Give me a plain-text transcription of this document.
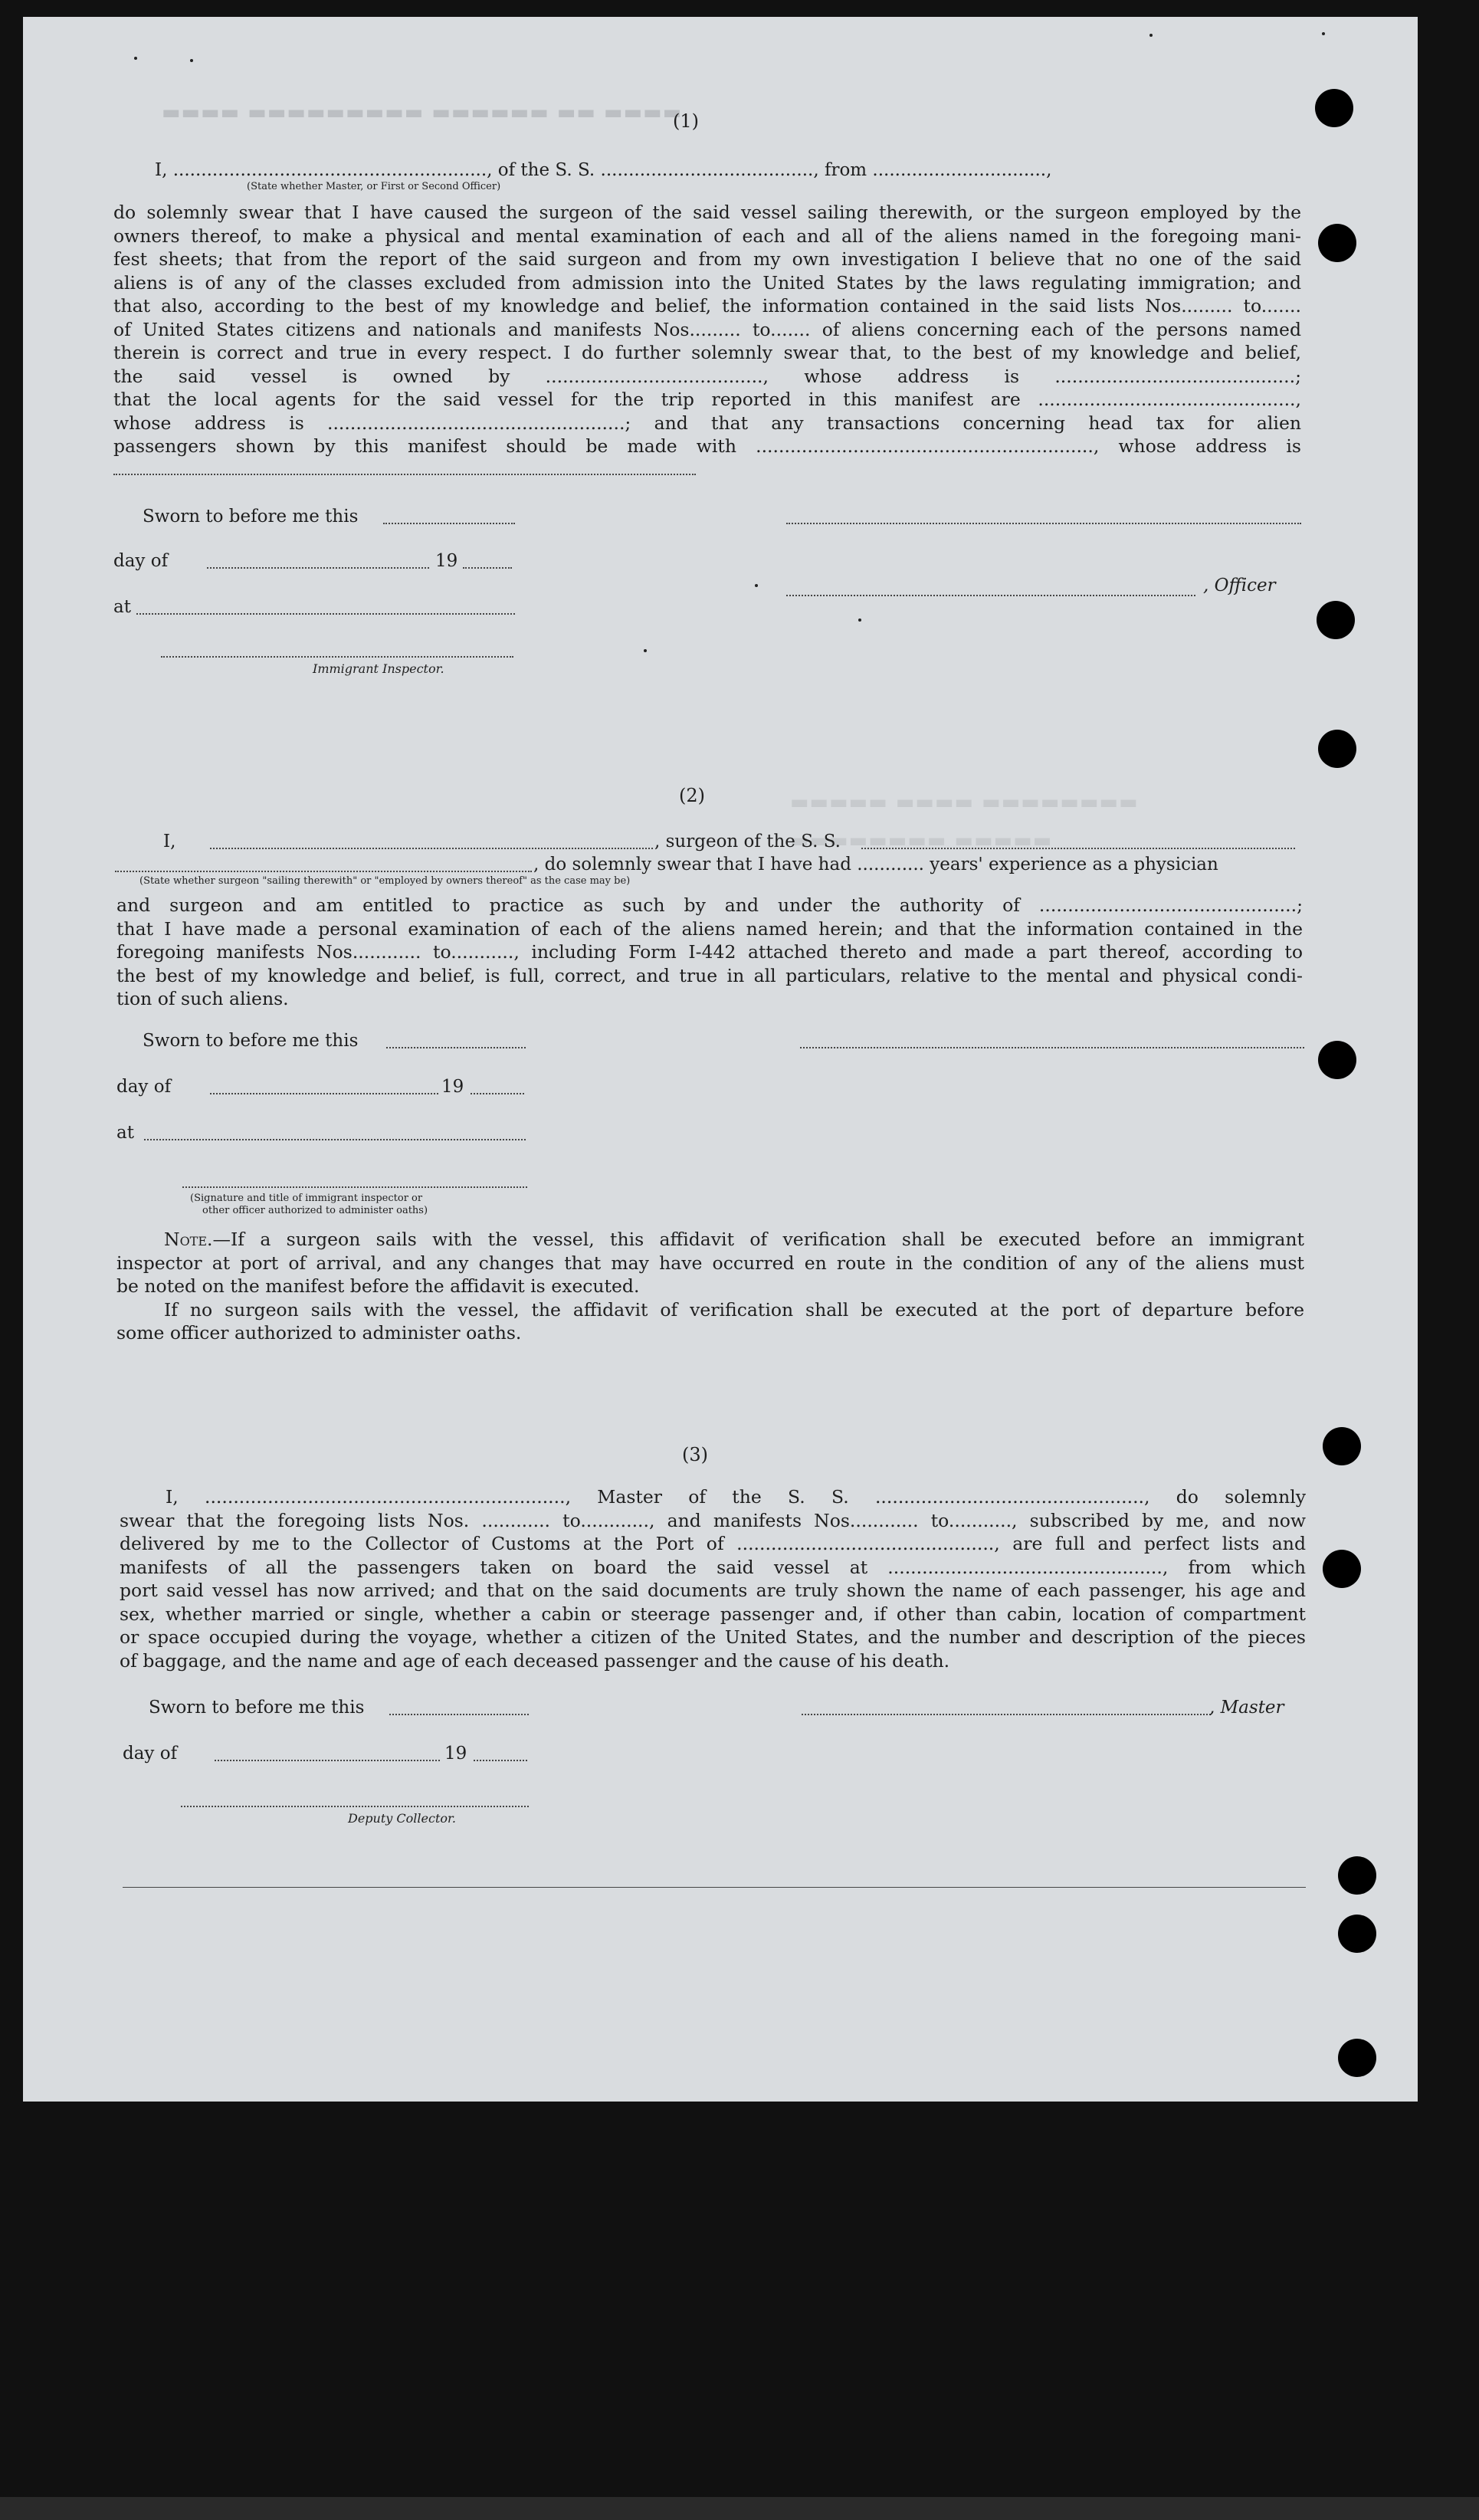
▬▬▬▬ ▬▬ ▬▬▬▬▬▬ ▬▬▬▬▬▬▬▬▬ ▬▬▬▬
▬▬▬▬▬▬▬▬ ▬▬▬▬ ▬▬▬▬▬
▬▬▬▬▬ ▬▬▬▬▬▬▬▬
(1)
I, ........................................................, of the S. S. ......................................, from ...............................,
(State whether Master, or First or Second Officer)
do solemnly swear that I have caused the surgeon of the said vessel sailing therewith, or the surgeon employed by the
owners thereof, to make a physical and mental examination of each and all of the aliens named in the foregoing mani-
fest sheets; that from the report of the said surgeon and from my own investigation I believe that no one of the said
aliens is of any of the classes excluded from admission into the United States by the laws regulating immigration; and
that also, according to the best of my knowledge and belief, the information contained in the said lists Nos......... to.......
of United States citizens and nationals and manifests Nos......... to....... of aliens concerning each of the persons named
therein is correct and true in every respect. I do further solemnly swear that, to the best of my knowledge and belief,
the said vessel is owned by ......................................, whose address is ..........................................;
that the local agents for the said vessel for the trip reported in this manifest are .............................................,
whose address is ....................................................; and that any transactions concerning head tax for alien
passengers shown by this manifest should be made with ..........................................................., whose address is
Sworn to before me this
day of	19
at
, Officer
Immigrant Inspector.
(2)
I,	, surgeon of the S. S.
, do solemnly swear that I have had ............ years' experience as a physician
(State whether surgeon "sailing therewith" or "employed by owners thereof" as the case may be)
and surgeon and am entitled to practice as such by and under the authority of .............................................;
that I have made a personal examination of each of the aliens named herein; and that the information contained in the
foregoing manifests Nos............ to..........., including Form I-442 attached thereto and made a part thereof, according to
the best of my knowledge and belief, is full, correct, and true in all particulars, relative to the mental and physical condi-
tion of such aliens.
Sworn to before me this
day of	19
at
(Signature and title of immigrant inspector or
other officer authorized to administer oaths)
Note.—If a surgeon sails with the vessel, this affidavit of verification shall be executed before an immigrant
inspector at port of arrival, and any changes that may have occurred en route in the condition of any of the aliens must
be noted on the manifest before the affidavit is executed.
If no surgeon sails with the vessel, the affidavit of verification shall be executed at the port of departure before
some officer authorized to administer oaths.
(3)
I, ..............................................................., Master of the S. S. ..............................................., do solemnly
swear that the foregoing lists Nos. ............ to............, and manifests Nos............ to..........., subscribed by me, and now
delivered by me to the Collector of Customs at the Port of ............................................., are full and perfect lists and
manifests of all the passengers taken on board the said vessel at ................................................, from which
port said vessel has now arrived; and that on the said documents are truly shown the name of each passenger, his age and
sex, whether married or single, whether a cabin or steerage passenger and, if other than cabin, location of compartment
or space occupied during the voyage, whether a citizen of the United States, and the number and description of the pieces
of baggage, and the name and age of each deceased passenger and the cause of his death.
Sworn to before me this	, Master
day of	19
Deputy Collector.
